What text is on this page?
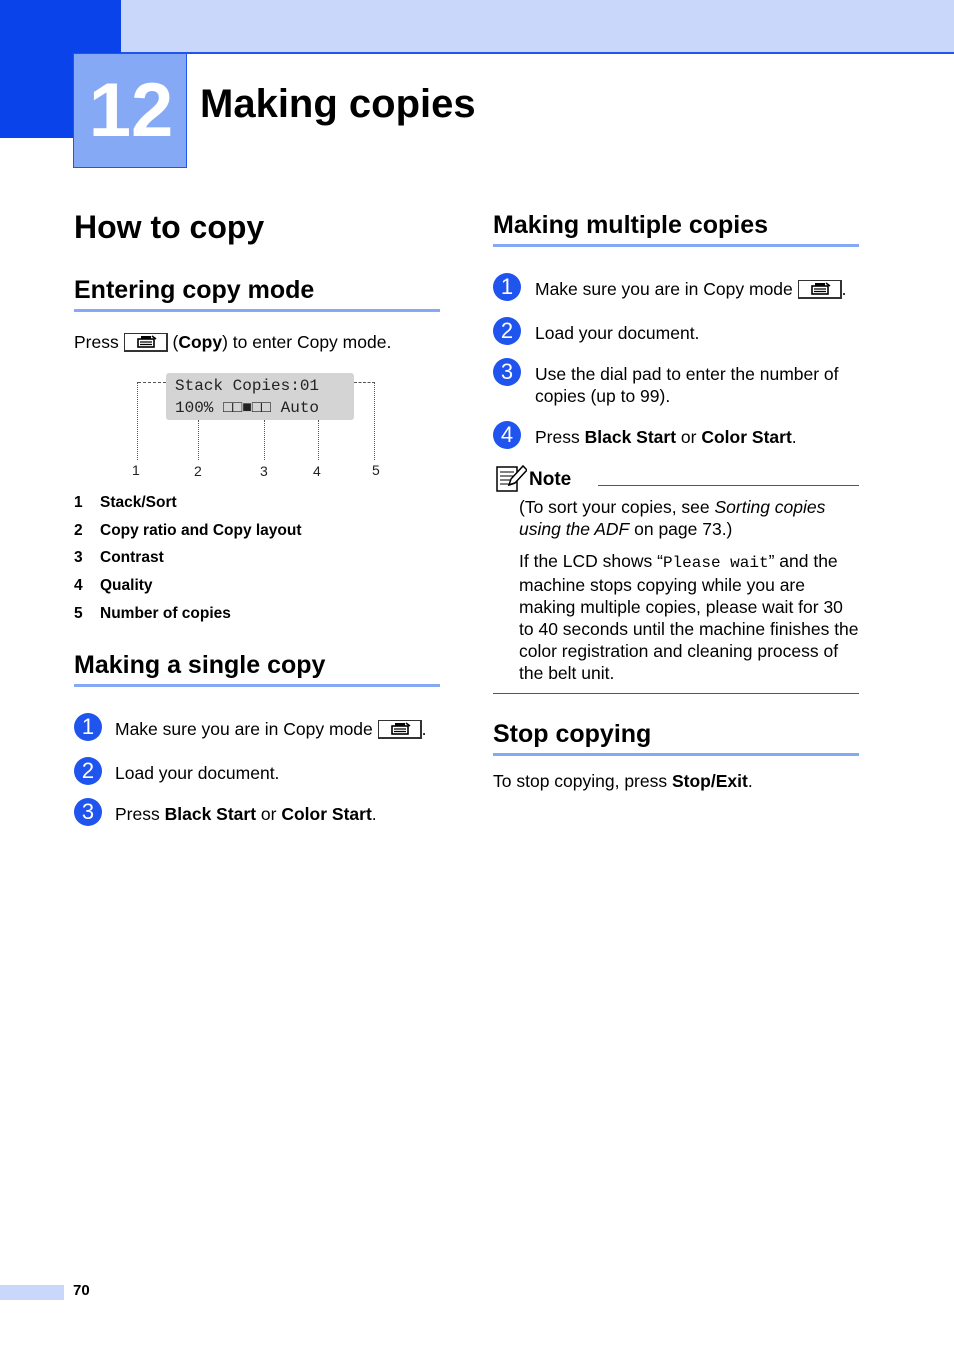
12 Making copies
How to copy
Entering copy mode
Press	(Copy) to enter Copy mode.
Stack Copies:01
100% □□■□□ Auto
1	2	3	4	5
1 Stack/Sort
2 Copy ratio and Copy layout
3 Contrast
4 Quality
5 Number of copies
Making a single copy
1	Make sure you are in Copy mode	.
2	Load your document.
3	Press Black Start or Color Start.
Making multiple copies
1	Make sure you are in Copy mode	.
2	Load your document.
3	Use the dial pad to enter the number of copies (up to 99).
4	Press Black Start or Color Start.
Note
(To sort your copies, see Sorting copies using the ADF on page 73.)
If the LCD shows “Please wait” and the machine stops copying while you are making multiple copies, please wait for 30 to 40 seconds until the machine finishes the color registration and cleaning process of the belt unit.
Stop copying
To stop copying, press Stop/Exit.
70
